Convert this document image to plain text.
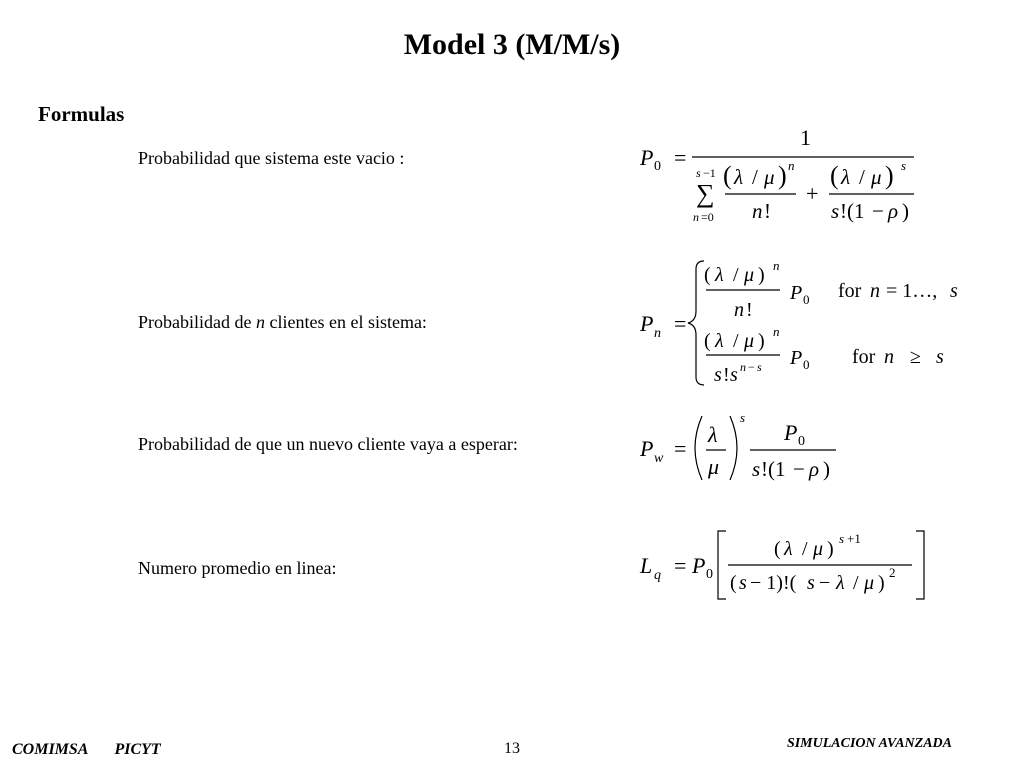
Model 3 (M/M/s)
Formulas
Probabilidad que sistema este vacio :	P 0 =
1
s −1
∑
n =0
( λ / μ ) n
n !
+
( λ / μ ) s
s !(1 − ρ )
Probabilidad de n clientes en el sistema:	P n =
( λ / μ ) n
n !
P 0 for n = 1…, s
( λ / μ ) n
s ! s n − s P 0 for n ≥ s
Probabilidad de que un nuevo cliente vaya a esperar:	P w =
λ
μ
s
P 0
s !(1 − ρ )
Numero promedio en linea:	L q = P 0
( λ / μ ) s +1
( s − 1)!( s − λ / μ ) 2
COMIMSA PICYT	13	SIMULACION AVANZADA
